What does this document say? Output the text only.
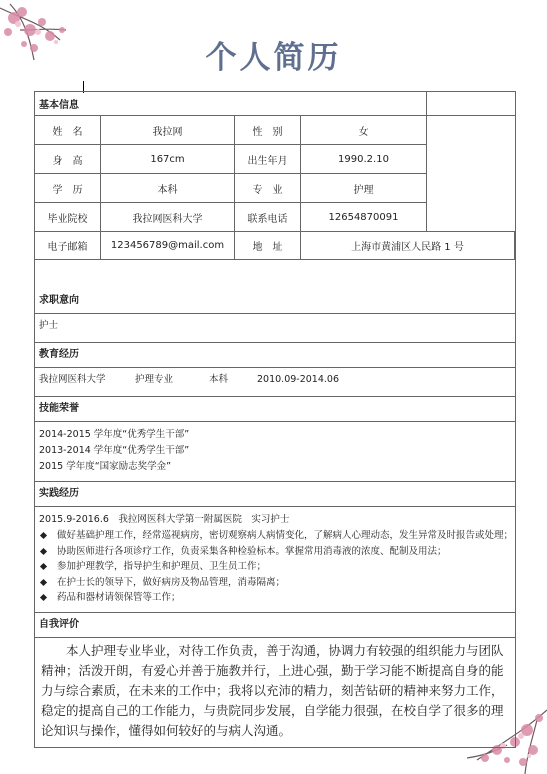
个人简历
基本信息
姓　名	我拉网	性　别	女
身　高	167cm	出生年月	1990.2.10
学　历	本科	专　业	护理
毕业院校	我拉网医科大学	联系电话	12654870091
电子邮箱	123456789@mail.com	地　址	上海市黄浦区人民路 1 号
求职意向
护士
教育经历
我拉网医科大学	护理专业	本科	2010.09-2014.06
技能荣誉
2014-2015 学年度“优秀学生干部”
2013-2014 学年度“优秀学生干部”
2015 学年度“国家励志奖学金”
实践经历
2015.9-2016.6　我拉网医科大学第一附属医院　实习护士
做好基础护理工作，经常巡视病房，密切观察病人病情变化，了解病人心理动态，发生异常及时报告或处理；
协助医师进行各项诊疗工作，负责采集各种检验标本。掌握常用消毒液的浓度、配制及用法；
参加护理教学，指导护生和护理员、卫生员工作；
在护士长的领导下，做好病房及物品管理，消毒隔离；
药品和器材请领保管等工作；
自我评价
本人护理专业毕业，对待工作负责，善于沟通，协调力有较强的组织能力与团队精神；活泼开朗，有爱心并善于施教并行，上进心强，勤于学习能不断提高自身的能力与综合素质，在未来的工作中；我将以充沛的精力，刻苦钻研的精神来努力工作，稳定的提高自己的工作能力，与贵院同步发展，自学能力很强，在校自学了很多的理论知识与操作，懂得如何较好的与病人沟通。
